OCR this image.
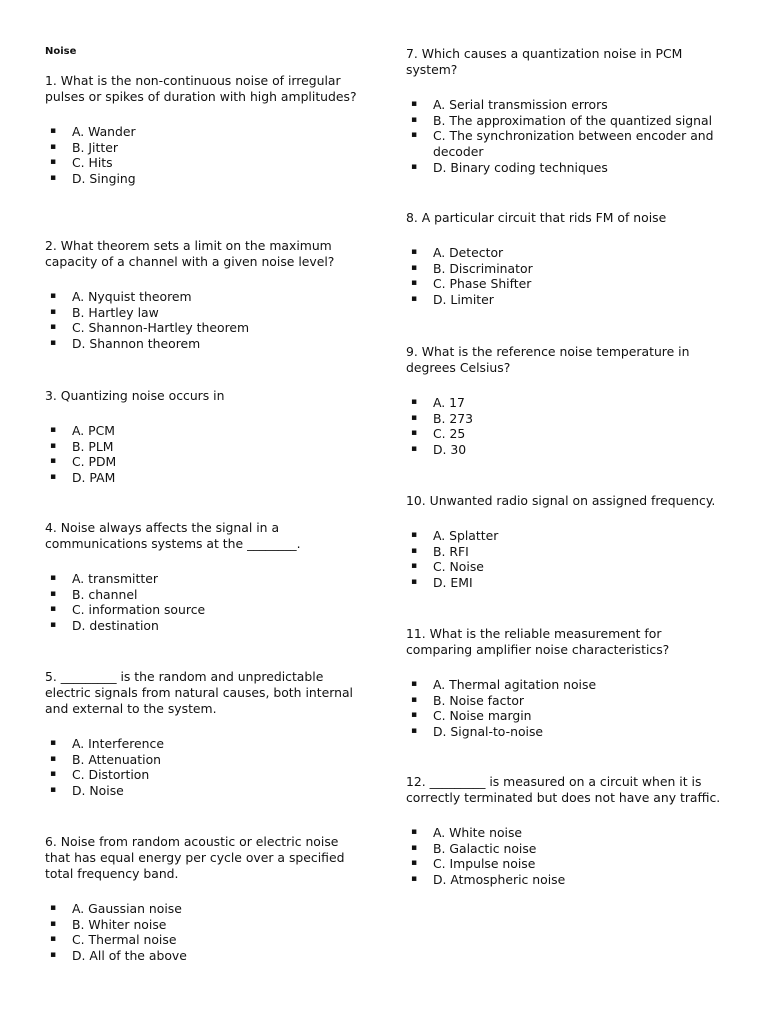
Noise

1. What is the non-continuous noise of irregular pulses or spikes of duration with high amplitudes?

▪ A. Wander
▪ B. Jitter
▪ C. Hits
▪ D. Singing

2. What theorem sets a limit on the maximum capacity of a channel with a given noise level?

▪ A. Nyquist theorem
▪ B. Hartley law
▪ C. Shannon-Hartley theorem
▪ D. Shannon theorem

3. Quantizing noise occurs in

▪ A. PCM
▪ B. PLM
▪ C. PDM
▪ D. PAM

4. Noise always affects the signal in a communications systems at the ________.

▪ A. transmitter
▪ B. channel
▪ C. information source
▪ D. destination

5. _________ is the random and unpredictable electric signals from natural causes, both internal and external to the system.

▪ A. Interference
▪ B. Attenuation
▪ C. Distortion
▪ D. Noise

6. Noise from random acoustic or electric noise that has equal energy per cycle over a specified total frequency band.

▪ A. Gaussian noise
▪ B. Whiter noise
▪ C. Thermal noise
▪ D. All of the above

7. Which causes a quantization noise in PCM system?

▪ A. Serial transmission errors
▪ B. The approximation of the quantized signal
▪ C. The synchronization between encoder and decoder
▪ D. Binary coding techniques

8. A particular circuit that rids FM of noise

▪ A. Detector
▪ B. Discriminator
▪ C. Phase Shifter
▪ D. Limiter

9. What is the reference noise temperature in degrees Celsius?

▪ A. 17
▪ B. 273
▪ C. 25
▪ D. 30

10. Unwanted radio signal on assigned frequency.

▪ A. Splatter
▪ B. RFI
▪ C. Noise
▪ D. EMI

11. What is the reliable measurement for comparing amplifier noise characteristics?

▪ A. Thermal agitation noise
▪ B. Noise factor
▪ C. Noise margin
▪ D. Signal-to-noise

12. _________ is measured on a circuit when it is correctly terminated but does not have any traffic.

▪ A. White noise
▪ B. Galactic noise
▪ C. Impulse noise
▪ D. Atmospheric noise
